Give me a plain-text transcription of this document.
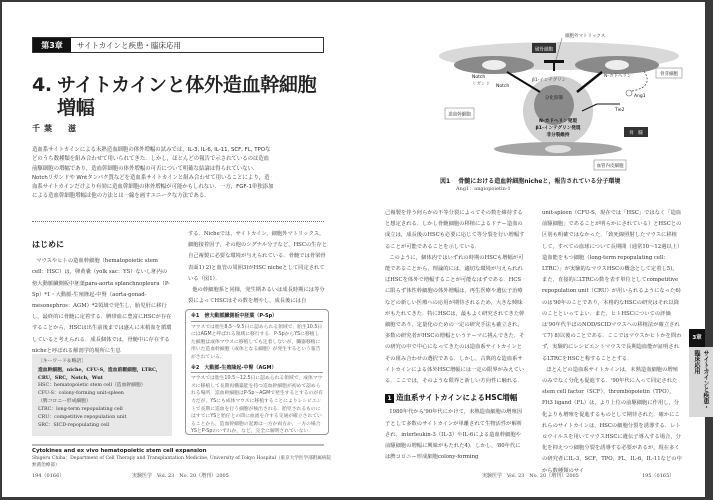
第3章	サイトカインと疾患・臨床応用
4. サイトカインと体外造血幹細胞
増幅
千葉　滋
造血系サイトカインによる未熟造血細胞の体外増幅の試みでは，IL-3, IL-6, IL-11, SCF, FL, TPOなどのうち数種類を組み合わせて用いられてきた．しかし，ほとんどの報告で示されているのは造血前駆細胞の増幅であり，造血幹細胞の体外増幅の可否について明確な結論は得られていない．Notchリガンドや Wntタンパク質などを造血系サイトカインと組み合わせて用いることにより，造血系サイトカインだけより有効に造血幹細胞の体外増幅が可能かもしれない．一方，FGF-1単独添加による造血幹細胞増幅は他の方法とは一線を画すユニークな方法である．
はじめに

マウスやヒトの造血幹細胞（hematopoietic stem cell：HSC）は，卵黄嚢（yolk sac：YS）ないし胚内の傍大動脈臓側板中胚葉para-aorta splanchnopleura（P-Sp）*1・大動脈-生殖隆起-中腎（aorta-gonad-mesonephros：AGM）*2領域で発生し，胎児肝に移行し，最終的に骨髄に定着する．臍帯血に豊富にHSCが存在することから，HSCは出生前後までは盛んに末梢血を循環していると考えられる．成長個体では，骨髄中に存在するnicheと呼ばれる解剖学的場所に生息

［キーワード＆略語］
造血幹細胞，niche，CFU-S，造血前駆細胞，LTRC，CRU，SRC，Notch，Wnt
HSC：hematopoietic stem cell（造血幹細胞）
CFU-S：colony-forming unit-spleen
（脾コロニー形成細胞）
LTRC：long-term repopulating cell
CRU：competitive repopulation unit
SRC：SICD-repopulating cell

する．Nicheでは，サイトカイン，細胞外マトリックス，細胞接着因子，その他のシグナル分子など，HSCの生存と自己複製に必要な環境が与えられている．骨髄では骨梁骨表面1) 2)と血管の周囲3)がHSC nicheとして同定されている（図1）．

他の幹細胞系と同様，発生期あるいは成長時期には等分裂によってHSCはその数を増やし，成長後には自

※1　傍大動脈臓側板中胚葉（P-Sp）
マウスでは胎生8.5～9.5日に認められる領域で，胎生10.5日にはAGMと呼ばれる領域に移行する．P-SpからYSに移植した細胞は成体マウスに移植しても定着しないが，臓器移植に用いた造血幹細胞（成体となる細胞）が発生するという報告がされている．
※2　大動脈-生殖隆起-中腎（AGM）
マウスでは胎生10.5～12.5日に認められる領域で，成体マウスに移植して長期再構築能を持つ造血幹細胞が初めて認められる場所．造血幹細胞はP-Sp～AGMで発生するとするのが有力だが，YSにも成体マウスに移植することによりレシピエントで長期に造血を行う細胞が検出される．胎児されるものにはすでにYSと胎仔との間に血流を介する交通が確立されていることから，造血幹細胞の起源は一方か両方か，一方の場合YSとP-Spのいずれか，など，完全に解明されていない．
細胞外マトリックス
破骨細胞
骨芽細胞
分化抑制
N-カドヘリン発現
β1-インテグリン発現
非分裂維持
Notch
リガンド Notch
β1-インテグリン
N-カドヘリン
Ang1
Tie2
造血幹細胞
骨　髄
血管内皮細胞
図1 骨髄における造血幹細胞nicheと，報告されている分子環境
Ang1：angiopoietin-1

己複製を伴う何らかの不等分裂によってその数を維持すると想定される．しかし骨髄細胞の移植によるドナー造血の成立は，成長後のHSCも必要に応じて等分裂を行い増幅することが可能であることを示している．

このように，個体内ではいずれの時期のHSCも増幅が可能であることから，理論的には，適切な環境が与えられればHSCを体外で増幅することが可能なはずである．HCSに限らず体性幹細胞の体外増幅は，再生医療や遺伝子治療などの新しい医療への応用が期待されるため，大きな興味がもたれてきた．特にHSCは，最もよく研究されてきた幹細胞であり，定量化のための一定の研究手法も確立され，多数の研究者がHSCの増幅というテーマに挑んできた．その研究の中で中心になってきたのは造血系サイトカインとその組み合わせの選択である．しかし，古典的な造血系サイトカインによる体外HSC増幅には一定の限界がみえている．ここでは，そのような限界と新しい方向性に触れる．

1 造血系サイトカインによるHSC増幅

1980年代から'90年代にかけて，未熟造血細胞の増殖因子として多数のサイトカインが単離されて生物活性が解析され，interleukin-3（IL-3）やIL-6による造血幹細胞や前駆細胞の増幅に興味がもたれた4)．しかし，'80年代には脾コロニー形成細胞colony-forming

unit-spleen（CFU-S，現在では「HSC」ではなく「造血前駆細胞」であることが明らかにされている）とHSCとの区別も明確ではなかった．「致死線照射したマウスに移植して，すべての血球について長期間（通常10～12週以上）造血能をもつ細胞（long-term repopulating cell：LTRC）」が実験的なマウスHSCの概念として定着し5)，また，直接的にLTRCの数を表す単位としてcompetitive repopulation unit（CRU）が用いられるようになった6)のは'90年のことであり，本格的なHSCの研究はそれ以降のことといってよい．また，ヒトHSCについての評価は'90年代半ばのNOD/SCIDマウスへの移植法が確立されて7) 8)以後のことである．ここではマウスかヒトかを問わず，実験的にレシピエントマウスで長期造血能が証明されるLTRCをHSCと称することとする．

ほとんどの造血系サイトカインは，未熟造血細胞の増殖のみでなく分化も促進する．'90年代に入って同定されたstem cell factor（SCF），thrombopoietin（TPO），Flt3 ligand（FL）は，より上位の前駆細胞に作用し，分化よりも増殖を促進するものとして期待された．確かにこれらのサイトカインは，HSCの細胞分裂を誘導する．レトロウイルスを用いてマウスHSCに遺伝子導入する場合，分化を抑えつつ細胞分裂を誘導する必要があるが，現在多くの研究者にIL-3，SCF，TPO，FL，IL-6，IL-11などの中から数種類のサイ

3章
サイトカインと疾患・臨床応用
Cytokines and ex vivo hematopoietic stem cell expansion
Shigeru Chiba：Department of Cell Therapy and Transplantation Medicine, University of Tokyo Hospital（東京大学医学部附属病院無菌治療部）
194（0166）	実験医学　Vol. 23　No. 20（増刊）2005	実験医学　Vol. 23　No. 20（増刊）2005	195（0165）
